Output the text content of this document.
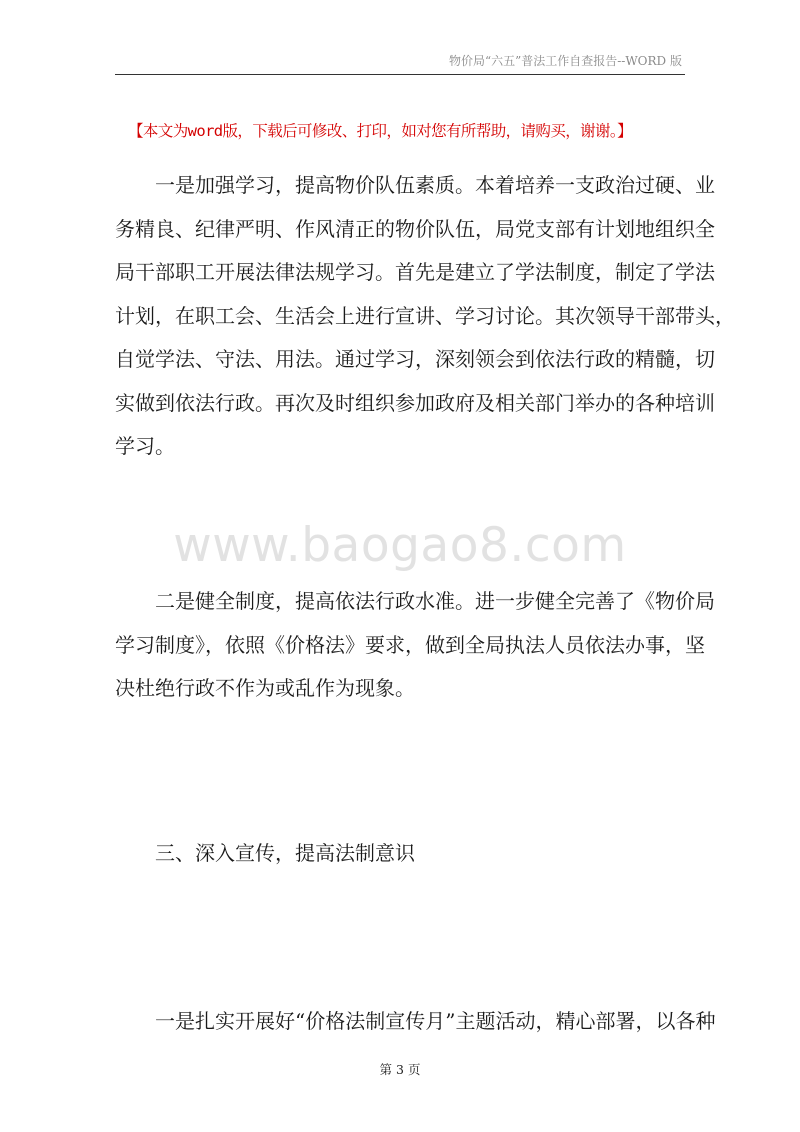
物价局“六五”普法工作自查报告--WORD 版
【本文为word版，下载后可修改、打印，如对您有所帮助，请购买，谢谢。】
　　一是加强学习，提高物价队伍素质。本着培养一支政治过硬、业
务精良、纪律严明、作风清正的物价队伍，局党支部有计划地组织全
局干部职工开展法律法规学习。首先是建立了学法制度，制定了学法
计划，在职工会、生活会上进行宣讲、学习讨论。其次领导干部带头，
自觉学法、守法、用法。通过学习，深刻领会到依法行政的精髓，切
实做到依法行政。再次及时组织参加政府及相关部门举办的各种培训
学习。
www.baogao8.com
　　二是健全制度，提高依法行政水准。进一步健全完善了《物价局
学习制度》，依照《价格法》要求，做到全局执法人员依法办事，坚
决杜绝行政不作为或乱作为现象。
　　三、深入宣传，提高法制意识
　　一是扎实开展好“价格法制宣传月”主题活动，精心部署，以各种
第 3 页
